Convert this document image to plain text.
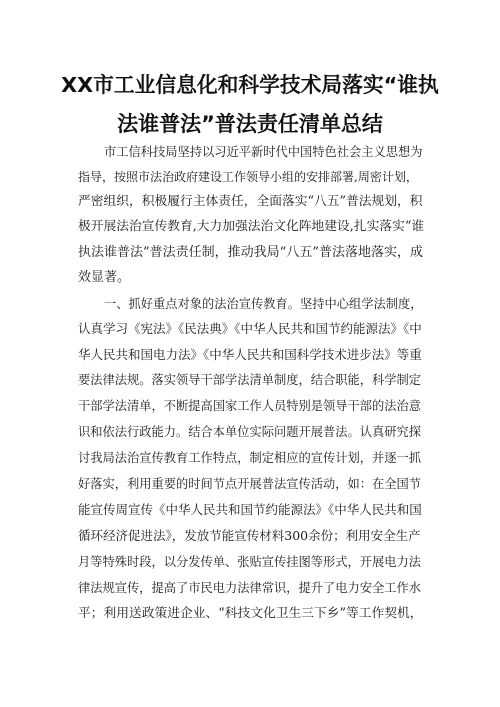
XX市工业信息化和科学技术局落实“谁执
法谁普法”普法责任清单总结

市工信科技局坚持以习近平新时代中国特色社会主义思想为

指导，按照市法治政府建设工作领导小组的安排部署,周密计划，

严密组织，积极履行主体责任，全面落实“八五”普法规划，积

极开展法治宣传教育,大力加强法治文化阵地建设,扎实落实“谁

执法谁普法”普法责任制，推动我局“八五”普法落地落实，成

效显著。

一、抓好重点对象的法治宣传教育。坚持中心组学法制度，

认真学习《宪法》《民法典》《中华人民共和国节约能源法》《中

华人民共和国电力法》《中华人民共和国科学技术进步法》等重

要法律法规。落实领导干部学法清单制度，结合职能，科学制定

干部学法清单，不断提高国家工作人员特别是领导干部的法治意

识和依法行政能力。结合本单位实际问题开展普法。认真研究探

讨我局法治宣传教育工作特点，制定相应的宣传计划，并逐一抓

好落实，利用重要的时间节点开展普法宣传活动，如：在全国节

能宣传周宣传《中华人民共和国节约能源法》《中华人民共和国

循环经济促进法》，发放节能宣传材料300余份；利用安全生产

月等特殊时段，以分发传单、张贴宣传挂图等形式，开展电力法

律法规宣传，提高了市民电力法律常识，提升了电力安全工作水

平；利用送政策进企业、“科技文化卫生三下乡”等工作契机，
